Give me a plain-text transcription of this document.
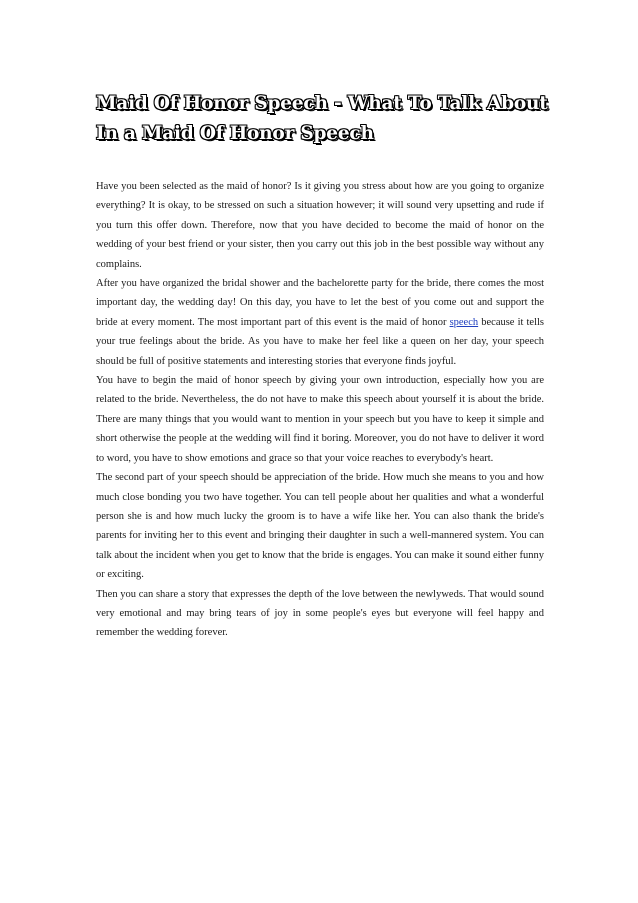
Maid Of Honor Speech - What To Talk About In a Maid Of Honor Speech

Have you been selected as the maid of honor? Is it giving you stress about how are you going to organize everything? It is okay, to be stressed on such a situation however; it will sound very upsetting and rude if you turn this offer down. Therefore, now that you have decided to become the maid of honor on the wedding of your best friend or your sister, then you carry out this job in the best possible way without any complains.

After you have organized the bridal shower and the bachelorette party for the bride, there comes the most important day, the wedding day! On this day, you have to let the best of you come out and support the bride at every moment. The most important part of this event is the maid of honor speech because it tells your true feelings about the bride. As you have to make her feel like a queen on her day, your speech should be full of positive statements and interesting stories that everyone finds joyful.

You have to begin the maid of honor speech by giving your own introduction, especially how you are related to the bride. Nevertheless, the do not have to make this speech about yourself it is about the bride. There are many things that you would want to mention in your speech but you have to keep it simple and short otherwise the people at the wedding will find it boring. Moreover, you do not have to deliver it word to word, you have to show emotions and grace so that your voice reaches to everybody's heart.

The second part of your speech should be appreciation of the bride. How much she means to you and how much close bonding you two have together. You can tell people about her qualities and what a wonderful person she is and how much lucky the groom is to have a wife like her. You can also thank the bride's parents for inviting her to this event and bringing their daughter in such a well-mannered system. You can talk about the incident when you get to know that the bride is engages. You can make it sound either funny or exciting.

Then you can share a story that expresses the depth of the love between the newlyweds. That would sound very emotional and may bring tears of joy in some people's eyes but everyone will feel happy and remember the wedding forever.
